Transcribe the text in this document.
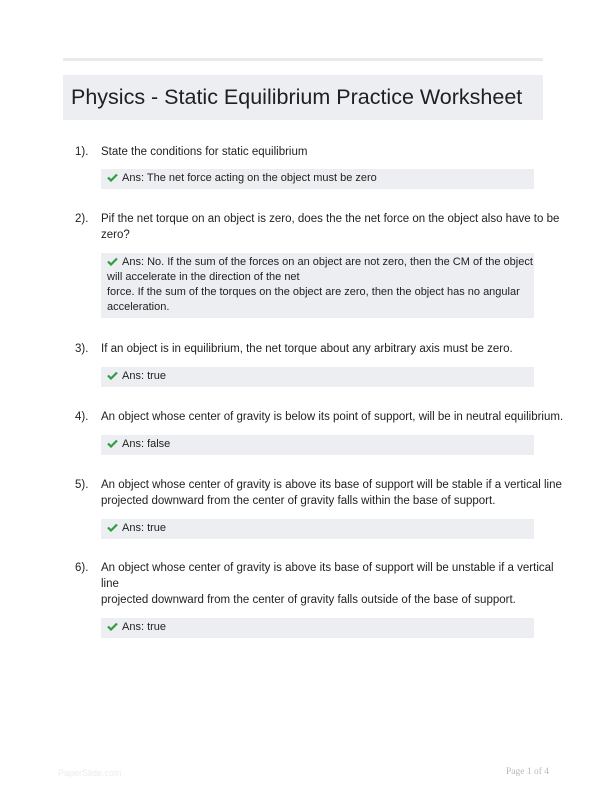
Physics - Static Equilibrium Practice Worksheet
1). State the conditions for static equilibrium
Ans: The net force acting on the object must be zero
2). Pif the net torque on an object is zero, does the the net force on the object also have to be
zero?
Ans: No. If the sum of the forces on an object are not zero, then the CM of the object
will accelerate in the direction of the net
force. If the sum of the torques on the object are zero, then the object has no angular
acceleration.
3). If an object is in equilibrium, the net torque about any arbitrary axis must be zero.
Ans: true
4). An object whose center of gravity is below its point of support, will be in neutral equilibrium.
Ans: false
5). An object whose center of gravity is above its base of support will be stable if a vertical line
projected downward from the center of gravity falls within the base of support.
Ans: true
6). An object whose center of gravity is above its base of support will be unstable if a vertical
line
projected downward from the center of gravity falls outside of the base of support.
Ans: true
PaperSlide.com	Page 1 of 4
